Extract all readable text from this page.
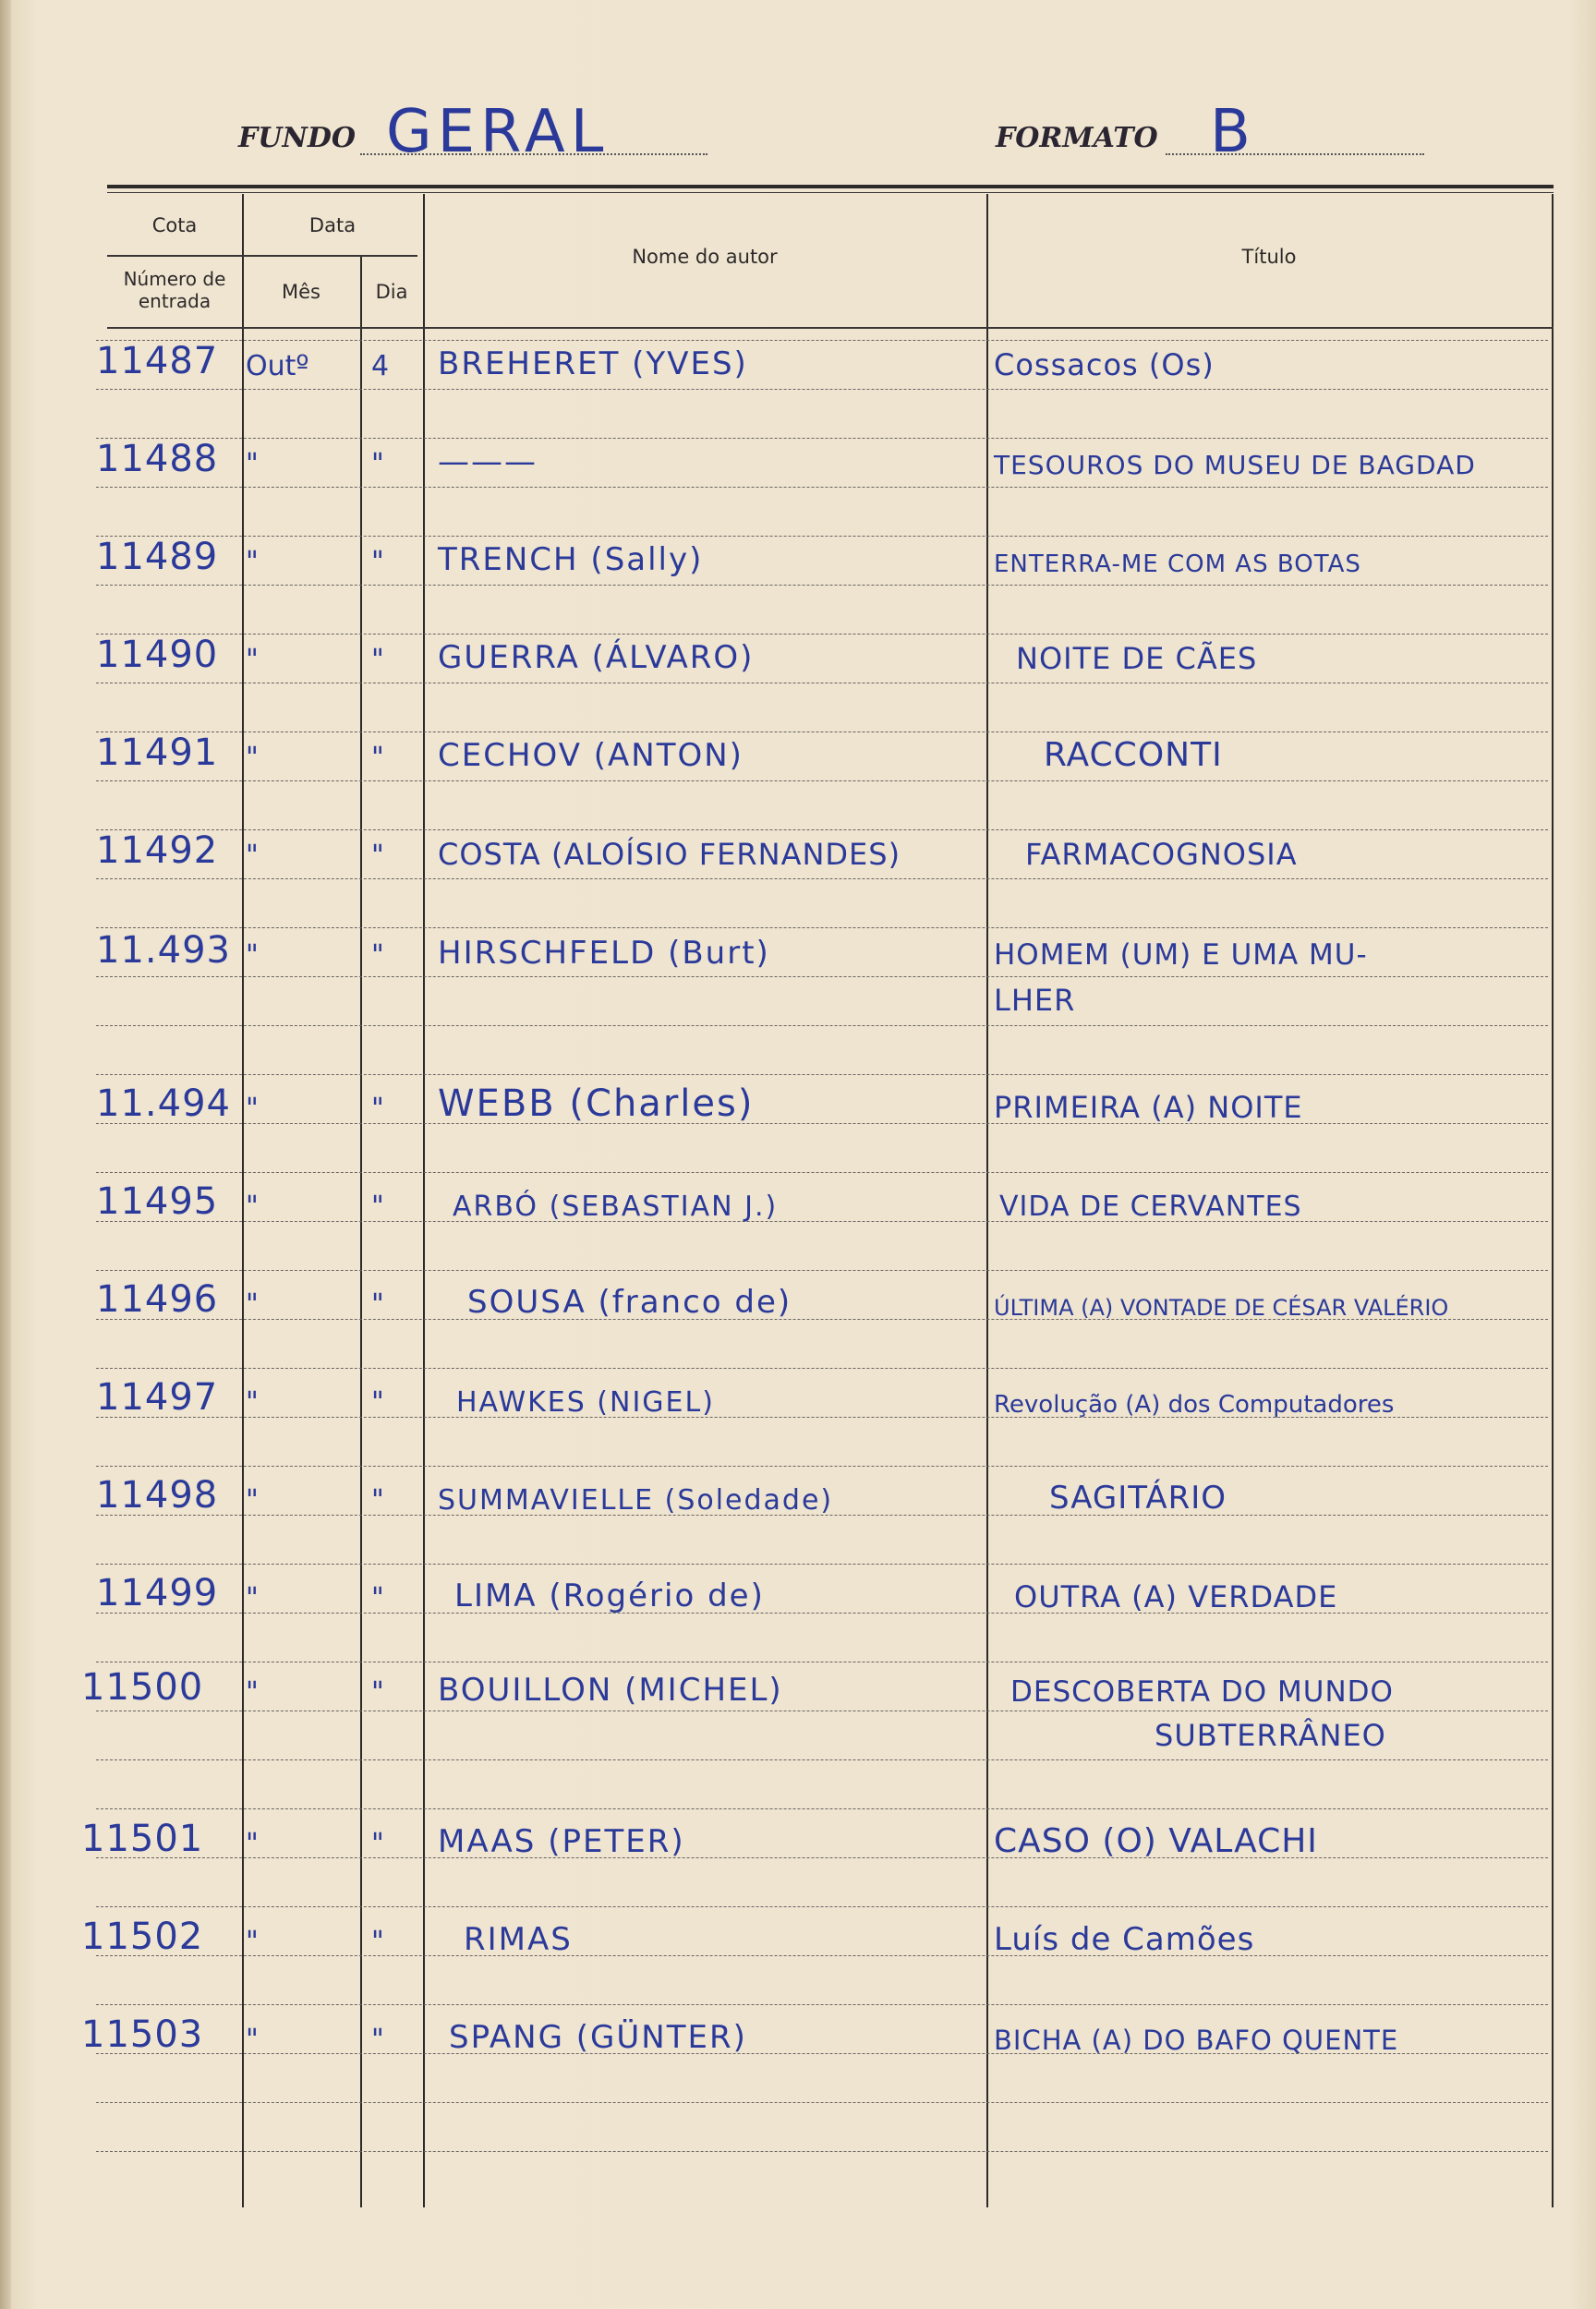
FUNDO GERAL	FORMATO B
Cota
Número de
entrada
Data
Mês	Dia
Nome do autor	Título
11487 Outº 4 BREHERET (YVES)	Cossacos (Os)
11488 "	" ———	TESOUROS DO MUSEU DE BAGDAD
11489 "	" TRENCH (Sally)	ENTERRA-ME COM AS BOTAS
11490 "	" GUERRA (ÁLVARO)	NOITE DE CÃES
11491 "	" CECHOV (ANTON)	RACCONTI
11492 "	" COSTA (ALOÍSIO FERNANDES)	FARMACOGNOSIA
11.493 "	" HIRSCHFELD (Burt)	HOMEM (UM) E UMA MU-
LHER
11.494 "	" WEBB (Charles)	PRIMEIRA (A) NOITE
11495 "	" ARBÓ (SEBASTIAN J.)	VIDA DE CERVANTES
11496 "	"	SOUSA (franco de)	ÚLTIMA (A) VONTADE DE CÉSAR VALÉRIO
11497 "	"	HAWKES (NIGEL)	Revolução (A) dos Computadores
11498 "	" SUMMAVIELLE (Soledade)	SAGITÁRIO
11499 "	" LIMA (Rogério de)	OUTRA (A) VERDADE
11500 "	" BOUILLON (MICHEL)	DESCOBERTA DO MUNDO
SUBTERRÂNEO
11501 "	" MAAS (PETER)	CASO (O) VALACHI
11502 "	"	RIMAS	Luís de Camões
11503 "	" SPANG (GÜNTER)	BICHA (A) DO BAFO QUENTE
